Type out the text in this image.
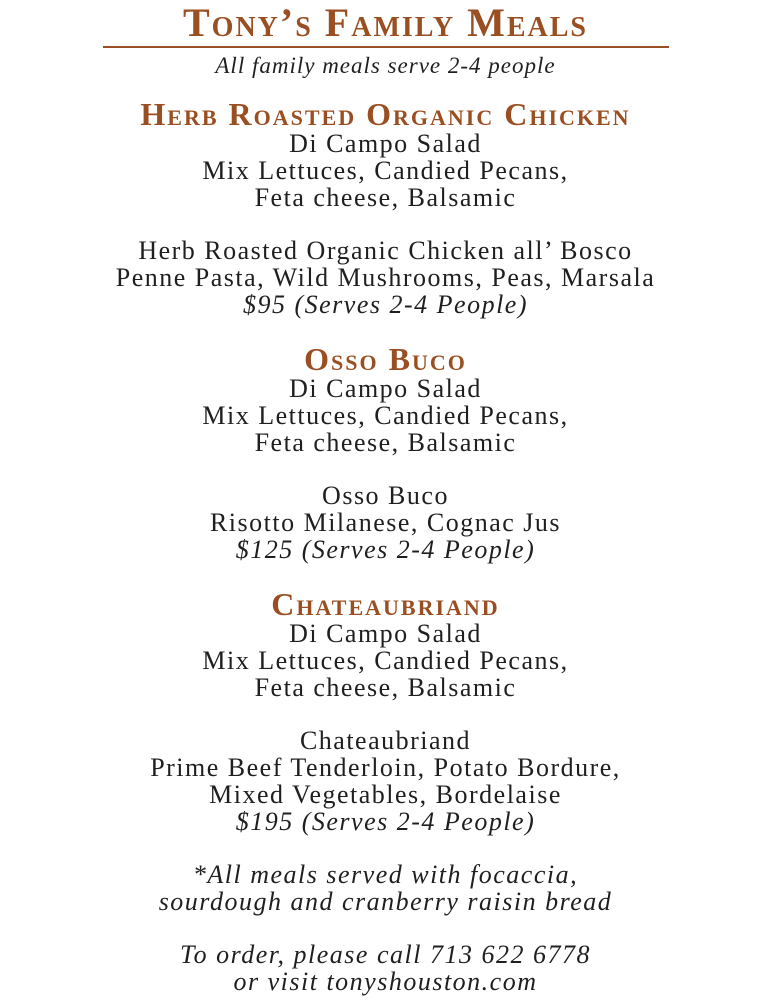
Tony’s Family Meals

All family meals serve 2-4 people

Herb Roasted Organic Chicken

Di Campo Salad

Mix Lettuces, Candied Pecans,

Feta cheese, Balsamic

Herb Roasted Organic Chicken all’ Bosco

Penne Pasta, Wild Mushrooms, Peas, Marsala

$95 (Serves 2-4 People)

Osso Buco

Di Campo Salad

Mix Lettuces, Candied Pecans,

Feta cheese, Balsamic

Osso Buco

Risotto Milanese, Cognac Jus

$125 (Serves 2-4 People)

Chateaubriand

Di Campo Salad

Mix Lettuces, Candied Pecans,

Feta cheese, Balsamic

Chateaubriand

Prime Beef Tenderloin, Potato Bordure,

Mixed Vegetables, Bordelaise

$195 (Serves 2-4 People)

*All meals served with focaccia,

sourdough and cranberry raisin bread

To order, please call 713 622 6778

or visit tonyshouston.com
